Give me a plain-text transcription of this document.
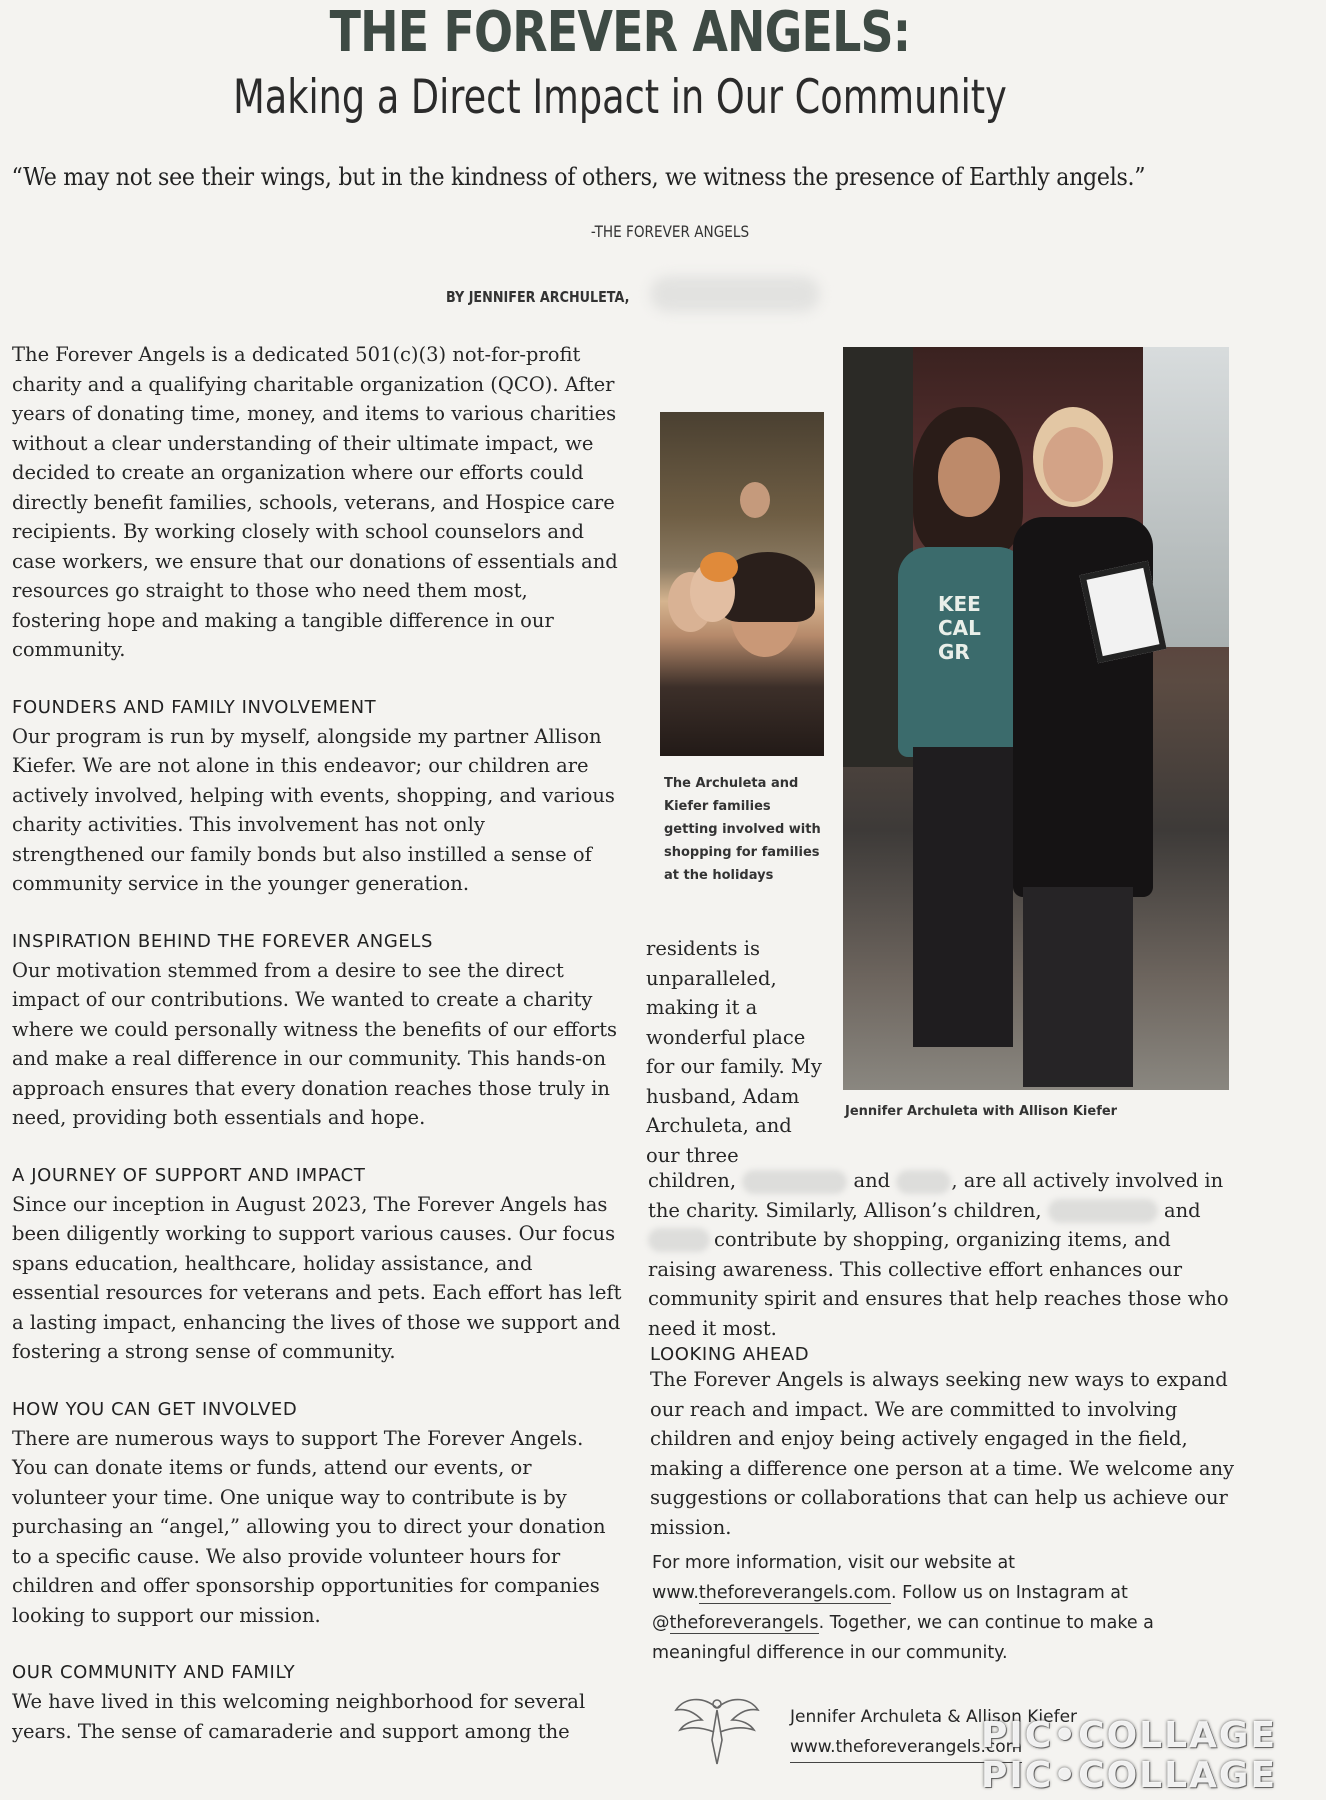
THE FOREVER ANGELS:
Making a Direct Impact in Our Community
“We may not see their wings, but in the kindness of others, we witness the presence of Earthly angels.”
-THE FOREVER ANGELS
BY JENNIFER ARCHULETA,

The Forever Angels is a dedicated 501(c)(3) not-for-profit charity and a qualifying charitable organization (QCO). After years of donating time, money, and items to various charities without a clear understanding of their ultimate impact, we decided to create an organization where our efforts could directly benefit families, schools, veterans, and Hospice care recipients. By working closely with school counselors and case workers, we ensure that our donations of essentials and resources go straight to those who need them most, fostering hope and making a tangible difference in our community.

FOUNDERS AND FAMILY INVOLVEMENT

Our program is run by myself, alongside my partner Allison Kiefer. We are not alone in this endeavor; our children are actively involved, helping with events, shopping, and various charity activities. This involvement has not only strengthened our family bonds but also instilled a sense of community service in the younger generation.

INSPIRATION BEHIND THE FOREVER ANGELS

Our motivation stemmed from a desire to see the direct impact of our contributions. We wanted to create a charity where we could personally witness the benefits of our efforts and make a real difference in our community. This hands-on approach ensures that every donation reaches those truly in need, providing both essentials and hope.

A JOURNEY OF SUPPORT AND IMPACT

Since our inception in August 2023, The Forever Angels has been diligently working to support various causes. Our focus spans education, healthcare, holiday assistance, and essential resources for veterans and pets. Each effort has left a lasting impact, enhancing the lives of those we support and fostering a strong sense of community.

HOW YOU CAN GET INVOLVED

There are numerous ways to support The Forever Angels. You can donate items or funds, attend our events, or volunteer your time. One unique way to contribute is by purchasing an “angel,” allowing you to direct your donation to a specific cause. We also provide volunteer hours for children and offer sponsorship opportunities for companies looking to support our mission.

OUR COMMUNITY AND FAMILY

We have lived in this welcoming neighborhood for several years. The sense of camaraderie and support among the

The Archuleta and Kiefer families getting involved with shopping for families at the holidays
KEE CAL GR
Jennifer Archuleta with Allison Kiefer

residents is unparalleled, making it a wonderful place for our family. My husband, Adam Archuleta, and our three

children,	and	, are all actively involved in
the charity. Similarly, Allison’s children,	and
contribute by shopping, organizing items, and raising awareness. This collective effort enhances our community spirit and ensures that help reaches those who need it most.
LOOKING AHEAD

The Forever Angels is always seeking new ways to expand our reach and impact. We are committed to involving children and enjoy being actively engaged in the field, making a difference one person at a time. We welcome any suggestions or collaborations that can help us achieve our mission.

For more information, visit our website at www.theforeverangels.com. Follow us on Instagram at @theforeverangels. Together, we can continue to make a meaningful difference in our community.
Jennifer Archuleta & Allison Kiefer
www.theforeverangels.com
PIC•COLLAGE
PIC•COLLAGE
